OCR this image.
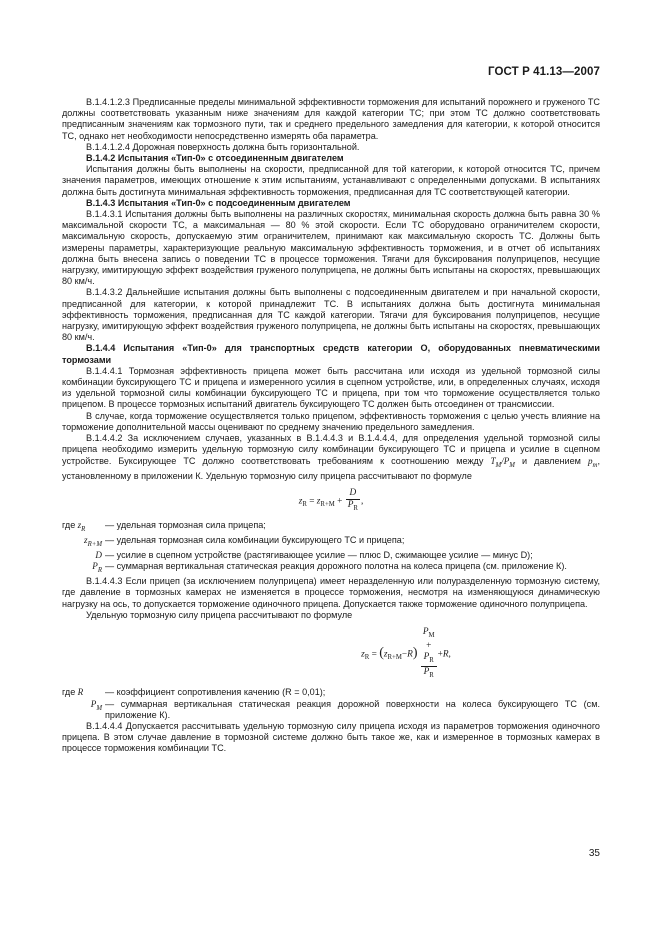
ГОСТ Р 41.13—2007

В.1.4.1.2.3 Предписанные пределы минимальной эффективности торможения для испытаний порожнего и груженого ТС должны соответствовать указанным ниже значениям для каждой категории ТС; при этом ТС должно соответствовать предписанным значениям как тормозного пути, так и среднего предельного замедления для категории, к которой относится ТС, однако нет необходимости непосредственно измерять оба параметра.

В.1.4.1.2.4 Дорожная поверхность должна быть горизонтальной.

В.1.4.2 Испытания «Тип-0» с отсоединенным двигателем

Испытания должны быть выполнены на скорости, предписанной для той категории, к которой относится ТС, причем значения параметров, имеющих отношение к этим испытаниям, устанавливают с определенными допусками. В испытаниях должна быть достигнута минимальная эффективность торможения, предписанная для ТС соответствующей категории.

В.1.4.3 Испытания «Тип-0» с подсоединенным двигателем

В.1.4.3.1 Испытания должны быть выполнены на различных скоростях, минимальная скорость должна быть равна 30 % максимальной скорости ТС, а максимальная — 80 % этой скорости. Если ТС оборудовано ограничителем скорости, максимальную скорость, допускаемую этим ограничителем, принимают как максимальную скорость ТС. Должны быть измерены параметры, характеризующие реальную максимальную эффективность торможения, и в отчет об испытаниях должна быть внесена запись о поведении ТС в процессе торможения. Тягачи для буксирования полуприцепов, несущие нагрузку, имитирующую эффект воздействия груженого полуприцепа, не должны быть испытаны на скоростях, превышающих 80 км/ч.

В.1.4.3.2 Дальнейшие испытания должны быть выполнены с подсоединенным двигателем и при начальной скорости, предписанной для категории, к которой принадлежит ТС. В испытаниях должна быть достигнута минимальная эффективность торможения, предписанная для ТС каждой категории. Тягачи для буксирования полуприцепов, несущие нагрузку, имитирующую эффект воздействия груженого полуприцепа, не должны быть испытаны на скоростях, превышающих 80 км/ч.

В.1.4.4 Испытания «Тип-0» для транспортных средств категории О, оборудованных пневматическими тормозами

В.1.4.4.1 Тормозная эффективность прицепа может быть рассчитана или исходя из удельной тормозной силы комбинации буксирующего ТС и прицепа и измеренного усилия в сцепном устройстве, или, в определенных случаях, исходя из удельной тормозной силы комбинации буксирующего ТС и прицепа, при том что торможение осуществляется только прицепом. В процессе тормозных испытаний двигатель буксирующего ТС должен быть отсоединен от трансмиссии.

В случае, когда торможение осуществляется только прицепом, эффективность торможения с целью учесть влияние на торможение дополнительной массы оценивают по среднему значению предельного замедления.

В.1.4.4.2 За исключением случаев, указанных в В.1.4.4.3 и В.1.4.4.4, для определения удельной тормозной силы прицепа необходимо измерить удельную тормозную силу комбинации буксирующего ТС и прицепа и усилие в сцепном устройстве. Буксирующее ТС должно соответствовать требованиям к соотношению между $T_M/P_M$ и давлением $p_m$, установленному в приложении К. Удельную тормозную силу прицепа рассчитывают по формуле

$z_R = z_{R+M} + \frac{D}{P_R}$ ,
где $z_R$	— удельная тормозная сила прицепа;
$z_{R+M}$ — удельная тормозная сила комбинации буксирующего ТС и прицепа;
D — усилие в сцепном устройстве (растягивающее усилие — плюс D, сжимающее усилие — минус D);
$P_R$ — суммарная вертикальная статическая реакция дорожного полотна на колеса прицепа (см. приложение К).

В.1.4.4.3 Если прицеп (за исключением полуприцепа) имеет неразделенную или полуразделенную тормозную систему, где давление в тормозных камерах не изменяется в процессе торможения, несмотря на изменяющуюся динамическую нагрузку на ось, то допускается торможение одиночного прицепа. Допускается также торможение одиночного полуприцепа.

Удельную тормозную силу прицепа рассчитывают по формуле

$z_R = (z_{R+M}-R)$ $P_M$
+
$P_R$
$P_R +R$,
где R	— коэффициент сопротивления качению (R = 0,01);
$P_M$ — суммарная вертикальная статическая реакция дорожной поверхности на колеса буксирующего ТС (см. приложение К).

В.1.4.4.4 Допускается рассчитывать удельную тормозную силу прицепа исходя из параметров торможения одиночного прицепа. В этом случае давление в тормозной системе должно быть такое же, как и измеренное в тормозных камерах в процессе торможения комбинации ТС.

35
